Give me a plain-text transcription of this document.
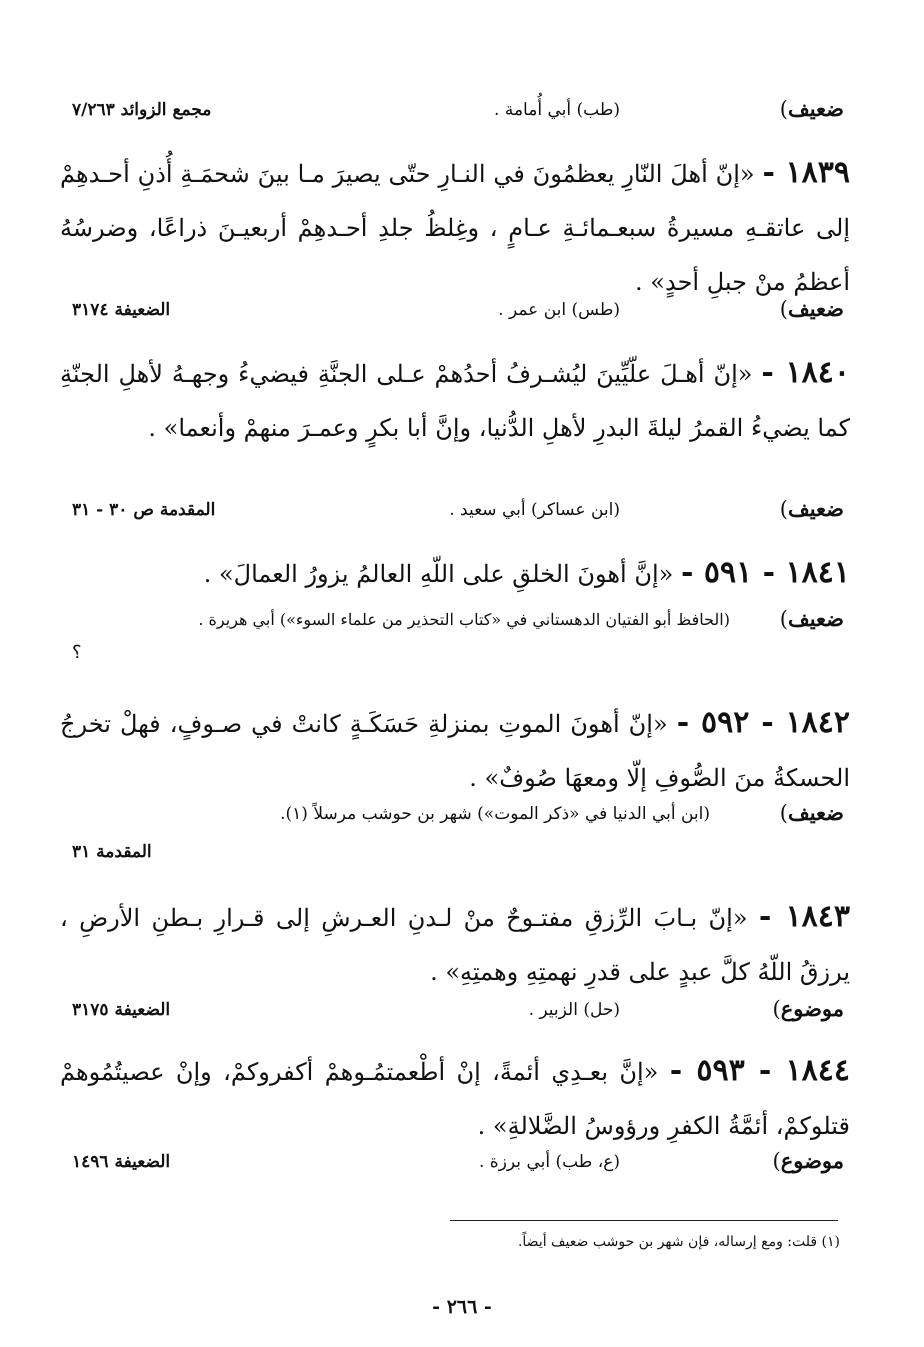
( ضعيف
(طب) أبي أُمامة .
مجمع الزوائد ٧/٢٦٣
١٨٣٩ - «إنّ أهلَ النّارِ يعظمُونَ في النـارِ حتّى يصيرَ مـا بينَ شحمَـةِ أُذنِ أحـدهِمْ إلى عاتقـهِ مسيرةُ سبعـمائـةِ عـامٍ ، وغِلظُ جلدِ أحـدهِمْ أربعيـنَ ذراعًا، وضرسُهُ أعظمُ منْ جبلِ أحدٍ» .
( ضعيف
(طس) ابن عمر .
الضعيفة ٣١٧٤
١٨٤٠ - «إنّ أهـلَ علّيِّينَ ليُشـرفُ أحدُهمْ عـلى الجنَّةِ فيضيءُ وجهـهُ لأهلِ الجنّةِ كما يضيءُ القمرُ ليلةَ البدرِ لأهلِ الدُّنيا، وإنَّ أبا بكرٍ وعمـرَ منهمْ وأنعما» .
( ضعيف
(ابن عساكر) أبي سعيد .
المقدمة ص ٣٠ - ٣١
١٨٤١ - ٥٩١ - «إنَّ أهونَ الخلقِ على اللّهِ العالمُ يزورُ العمالَ» .
( ضعيف
(الحافظ أبو الفتيان الدهستاني في «كتاب التحذير من علماء السوء») أبي هريرة .
؟
١٨٤٢ - ٥٩٢ - «إنّ أهونَ الموتِ بمنزلةِ حَسَكَـةٍ كانتْ في صـوفٍ، فهلْ تخرجُ الحسكةُ منَ الصُّوفِ إلّا ومعهَا صُوفٌ» .
( ضعيف
(ابن أبي الدنيا في «ذكر الموت») شهر بن حوشب مرسلاً (١).
المقدمة ٣١
١٨٤٣ - «إنّ بـابَ الرِّزقِ مفتـوحٌ منْ لـدنِ العـرشِ إلى قـرارِ بـطنِ الأرضِ ، يرزقُ اللّهُ كلَّ عبدٍ على قدرِ نهمتِهِ وهمتِهِ» .
( موضوع
(حل) الزبير .
الضعيفة ٣١٧٥
١٨٤٤ - ٥٩٣ - «إنَّ بعـدِي أئمةً، إنْ أطْعمتمُـوهمْ أكفروكمْ، وإنْ عصيتُمُوهمْ قتلوكمْ، أئمَّةُ الكفرِ ورؤوسُ الضَّلالةِ» .
( موضوع
(ع، طب) أبي برزة .
الضعيفة ١٤٩٦
(١) قلت: ومع إرساله، فإن شهر بن حوشب ضعيف أيضاً.
- ٢٦٦ -
